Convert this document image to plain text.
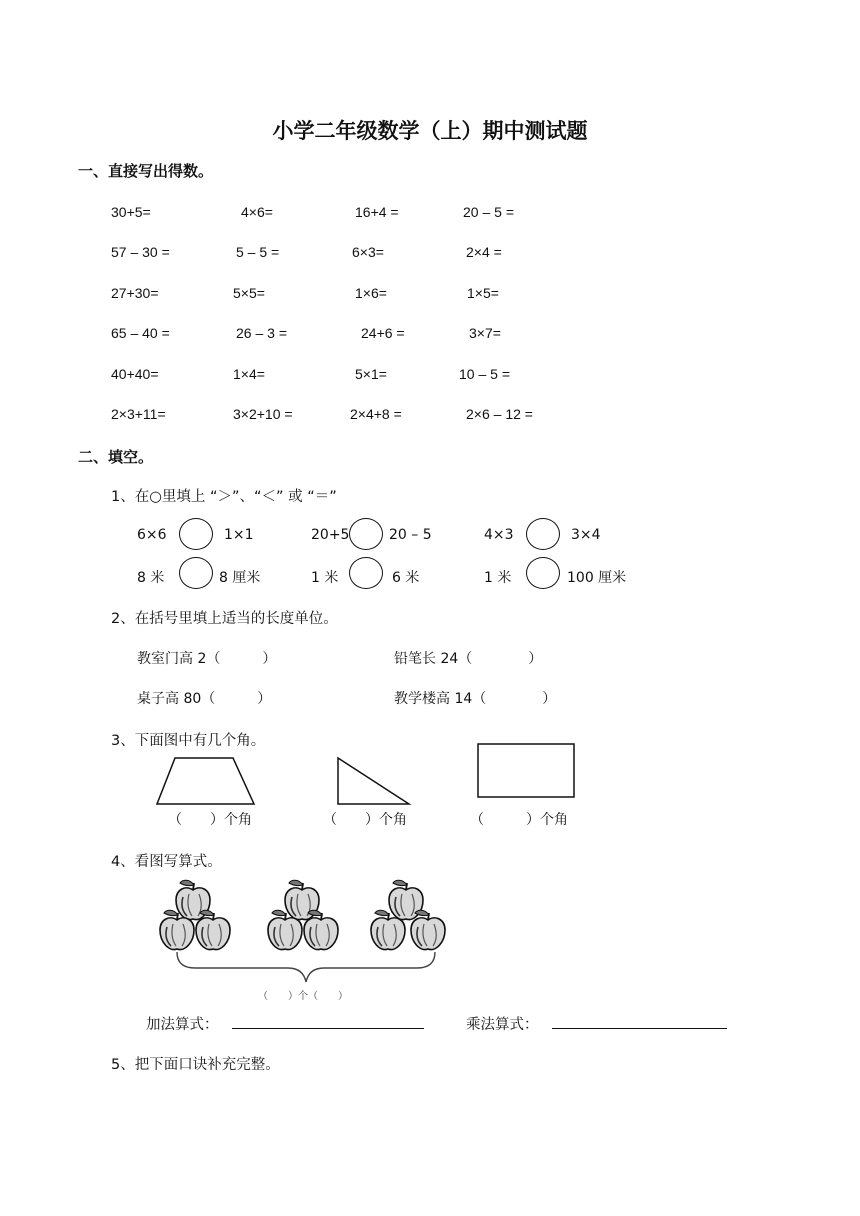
小学二年级数学（上）期中测试题
一、直接写出得数。
30+5=	4×6=	16+4 =	20 – 5 =
57 – 30 =	5 – 5 =	6×3=	2×4 =
27+30=	5×5=	1×6=	1×5=
65 – 40 =	26 – 3 =	24+6 =	3×7=
40+40=	1×4=	5×1=	10 – 5 =
2×3+11=	3×2+10 =	2×4+8 =	2×6 – 12 =
二、填空。
1、在○里填上 “＞”、“＜” 或 “＝”
6×6	1×1	20+5	20 – 5	4×3	3×4
8 米	8 厘米	1 米	6 米	1 米	100 厘米
2、在括号里填上适当的长度单位。
教室门高 2（　　　）	铅笔长 24（　　　　）
桌子高 80（　　　）	教学楼高 14（　　　　）
3、下面图中有几个角。
（　　）个角	（　　）个角	（　　　）个角
4、看图写算式。
（　　）个（　　）
加法算式：	乘法算式：
5、把下面口诀补充完整。
